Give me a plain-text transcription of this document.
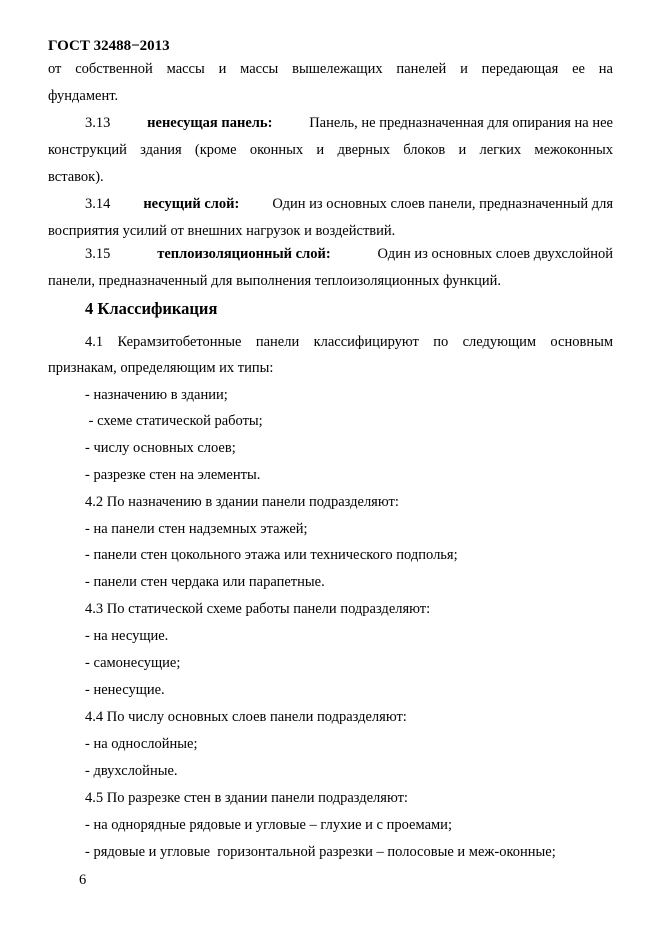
ГОСТ 32488−2013
от собственной массы и массы вышележащих панелей и передающая ее на
фундамент.
3.13	ненесущая панель:	Панель, не предназначенная для опирания на нее
конструкций здания (кроме оконных и дверных блоков и легких межоконных
вставок).
3.14 несущий слой: Один из основных слоев панели, предназначенный для
восприятия усилий от внешних нагрузок и воздействий.
3.15	теплоизоляционный слой:	Один из основных слоев двухслойной
панели, предназначенный для выполнения теплоизоляционных функций.
4 Классификация
4.1 Керамзитобетонные панели классифицируют по следующим основным
признакам, определяющим их типы:
- назначению в здании;
- схеме статической работы;
- числу основных слоев;
- разрезке стен на элементы.
4.2 По назначению в здании панели подразделяют:
- на панели стен надземных этажей;
- панели стен цокольного этажа или технического подполья;
- панели стен чердака или парапетные.
4.3 По статической схеме работы панели подразделяют:
- на несущие.
- самонесущие;
- ненесущие.
4.4 По числу основных слоев панели подразделяют:
- на однослойные;
- двухслойные.
4.5 По разрезке стен в здании панели подразделяют:
- на однорядные рядовые и угловые ‒ глухие и с проемами;
- рядовые и угловые  горизонтальной разрезки ‒ полосовые и меж-оконные;
6
